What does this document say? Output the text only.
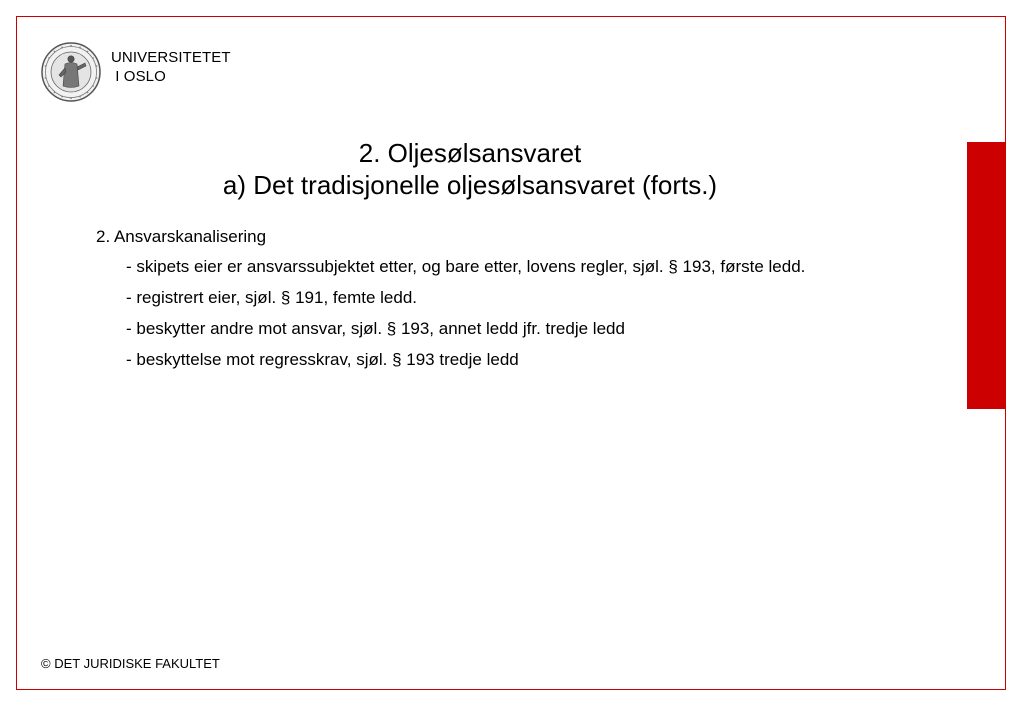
UNIVERSITETET
I OSLO
2. Oljesølsansvaret
a) Det tradisjonelle oljesølsansvaret (forts.)
2. Ansvarskanalisering
- skipets eier er ansvarssubjektet etter, og bare etter, lovens regler, sjøl. § 193, første ledd.
- registrert eier, sjøl. § 191, femte ledd.
- beskytter andre mot ansvar, sjøl. § 193, annet ledd jfr. tredje ledd
- beskyttelse mot regresskrav, sjøl. § 193 tredje ledd
© DET JURIDISKE FAKULTET
